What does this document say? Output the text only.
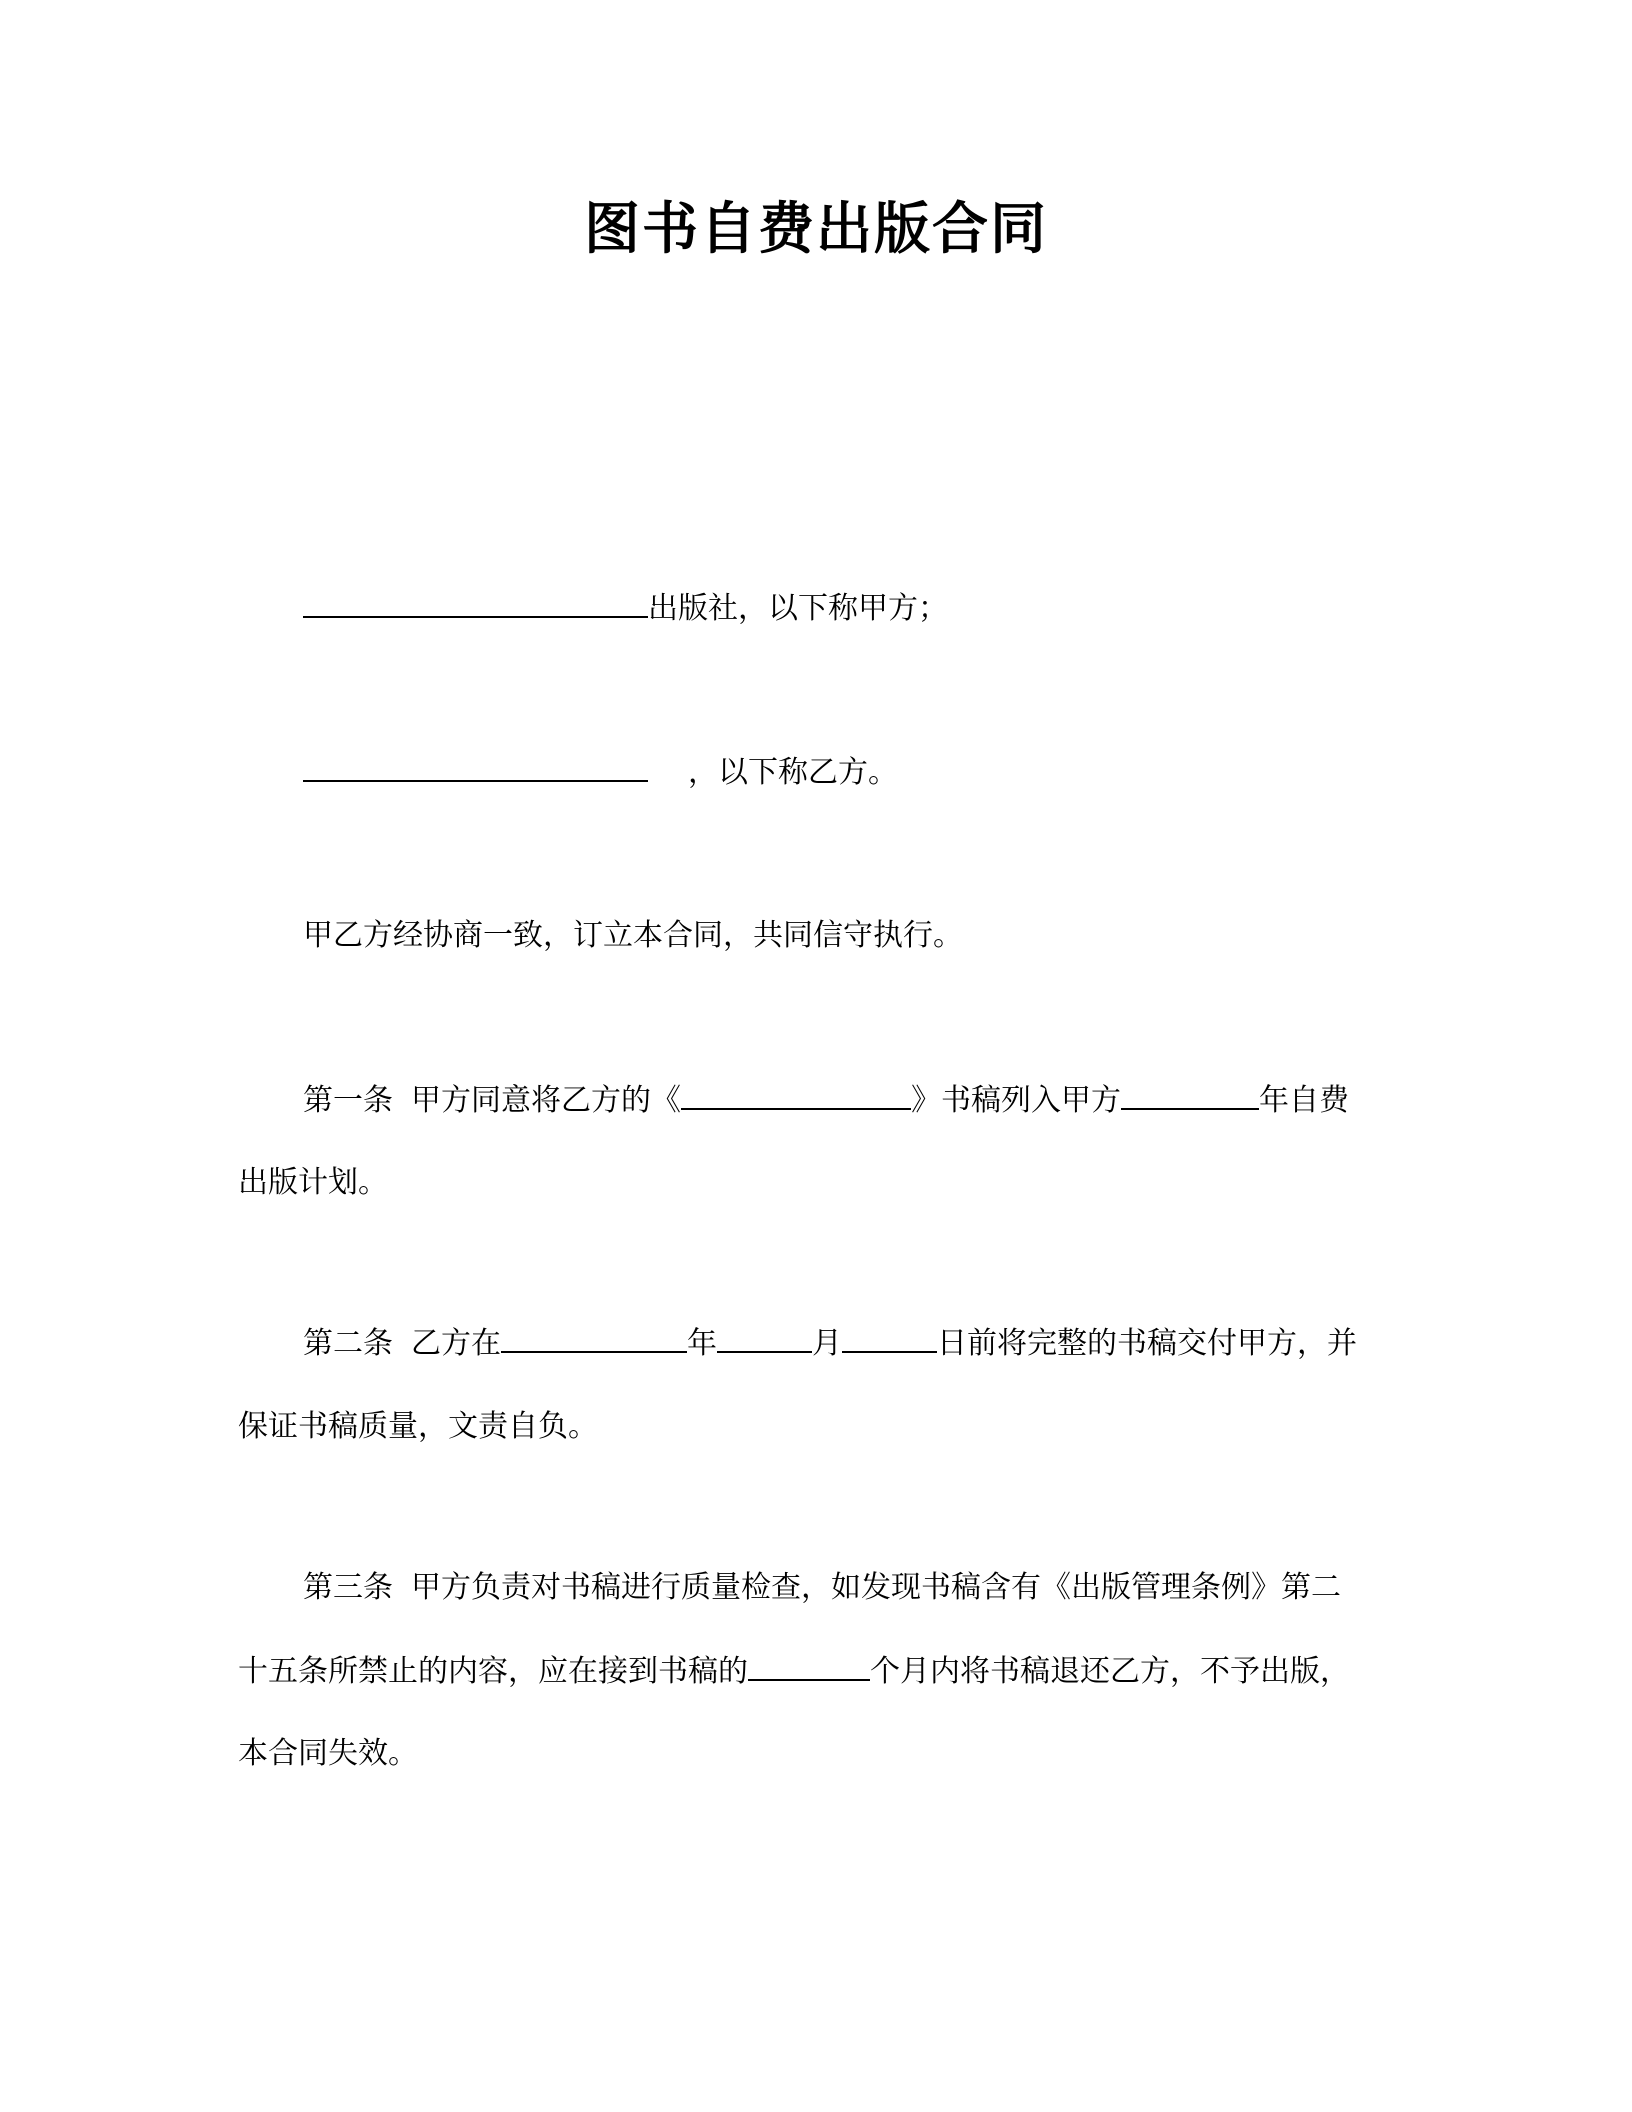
图书自费出版合同
出版社，以下称甲方；
，以下称乙方。
甲乙方经协商一致，订立本合同，共同信守执行。
第一条 甲方同意将乙方的《	》书稿列入甲方	年自费
出版计划。
第二条 乙方在	年	月	日前将完整的书稿交付甲方，并
保证书稿质量，文责自负。
第三条 甲方负责对书稿进行质量检查，如发现书稿含有《出版管理条例》第二
十五条所禁止的内容，应在接到书稿的	个月内将书稿退还乙方，不予出版，
本合同失效。
